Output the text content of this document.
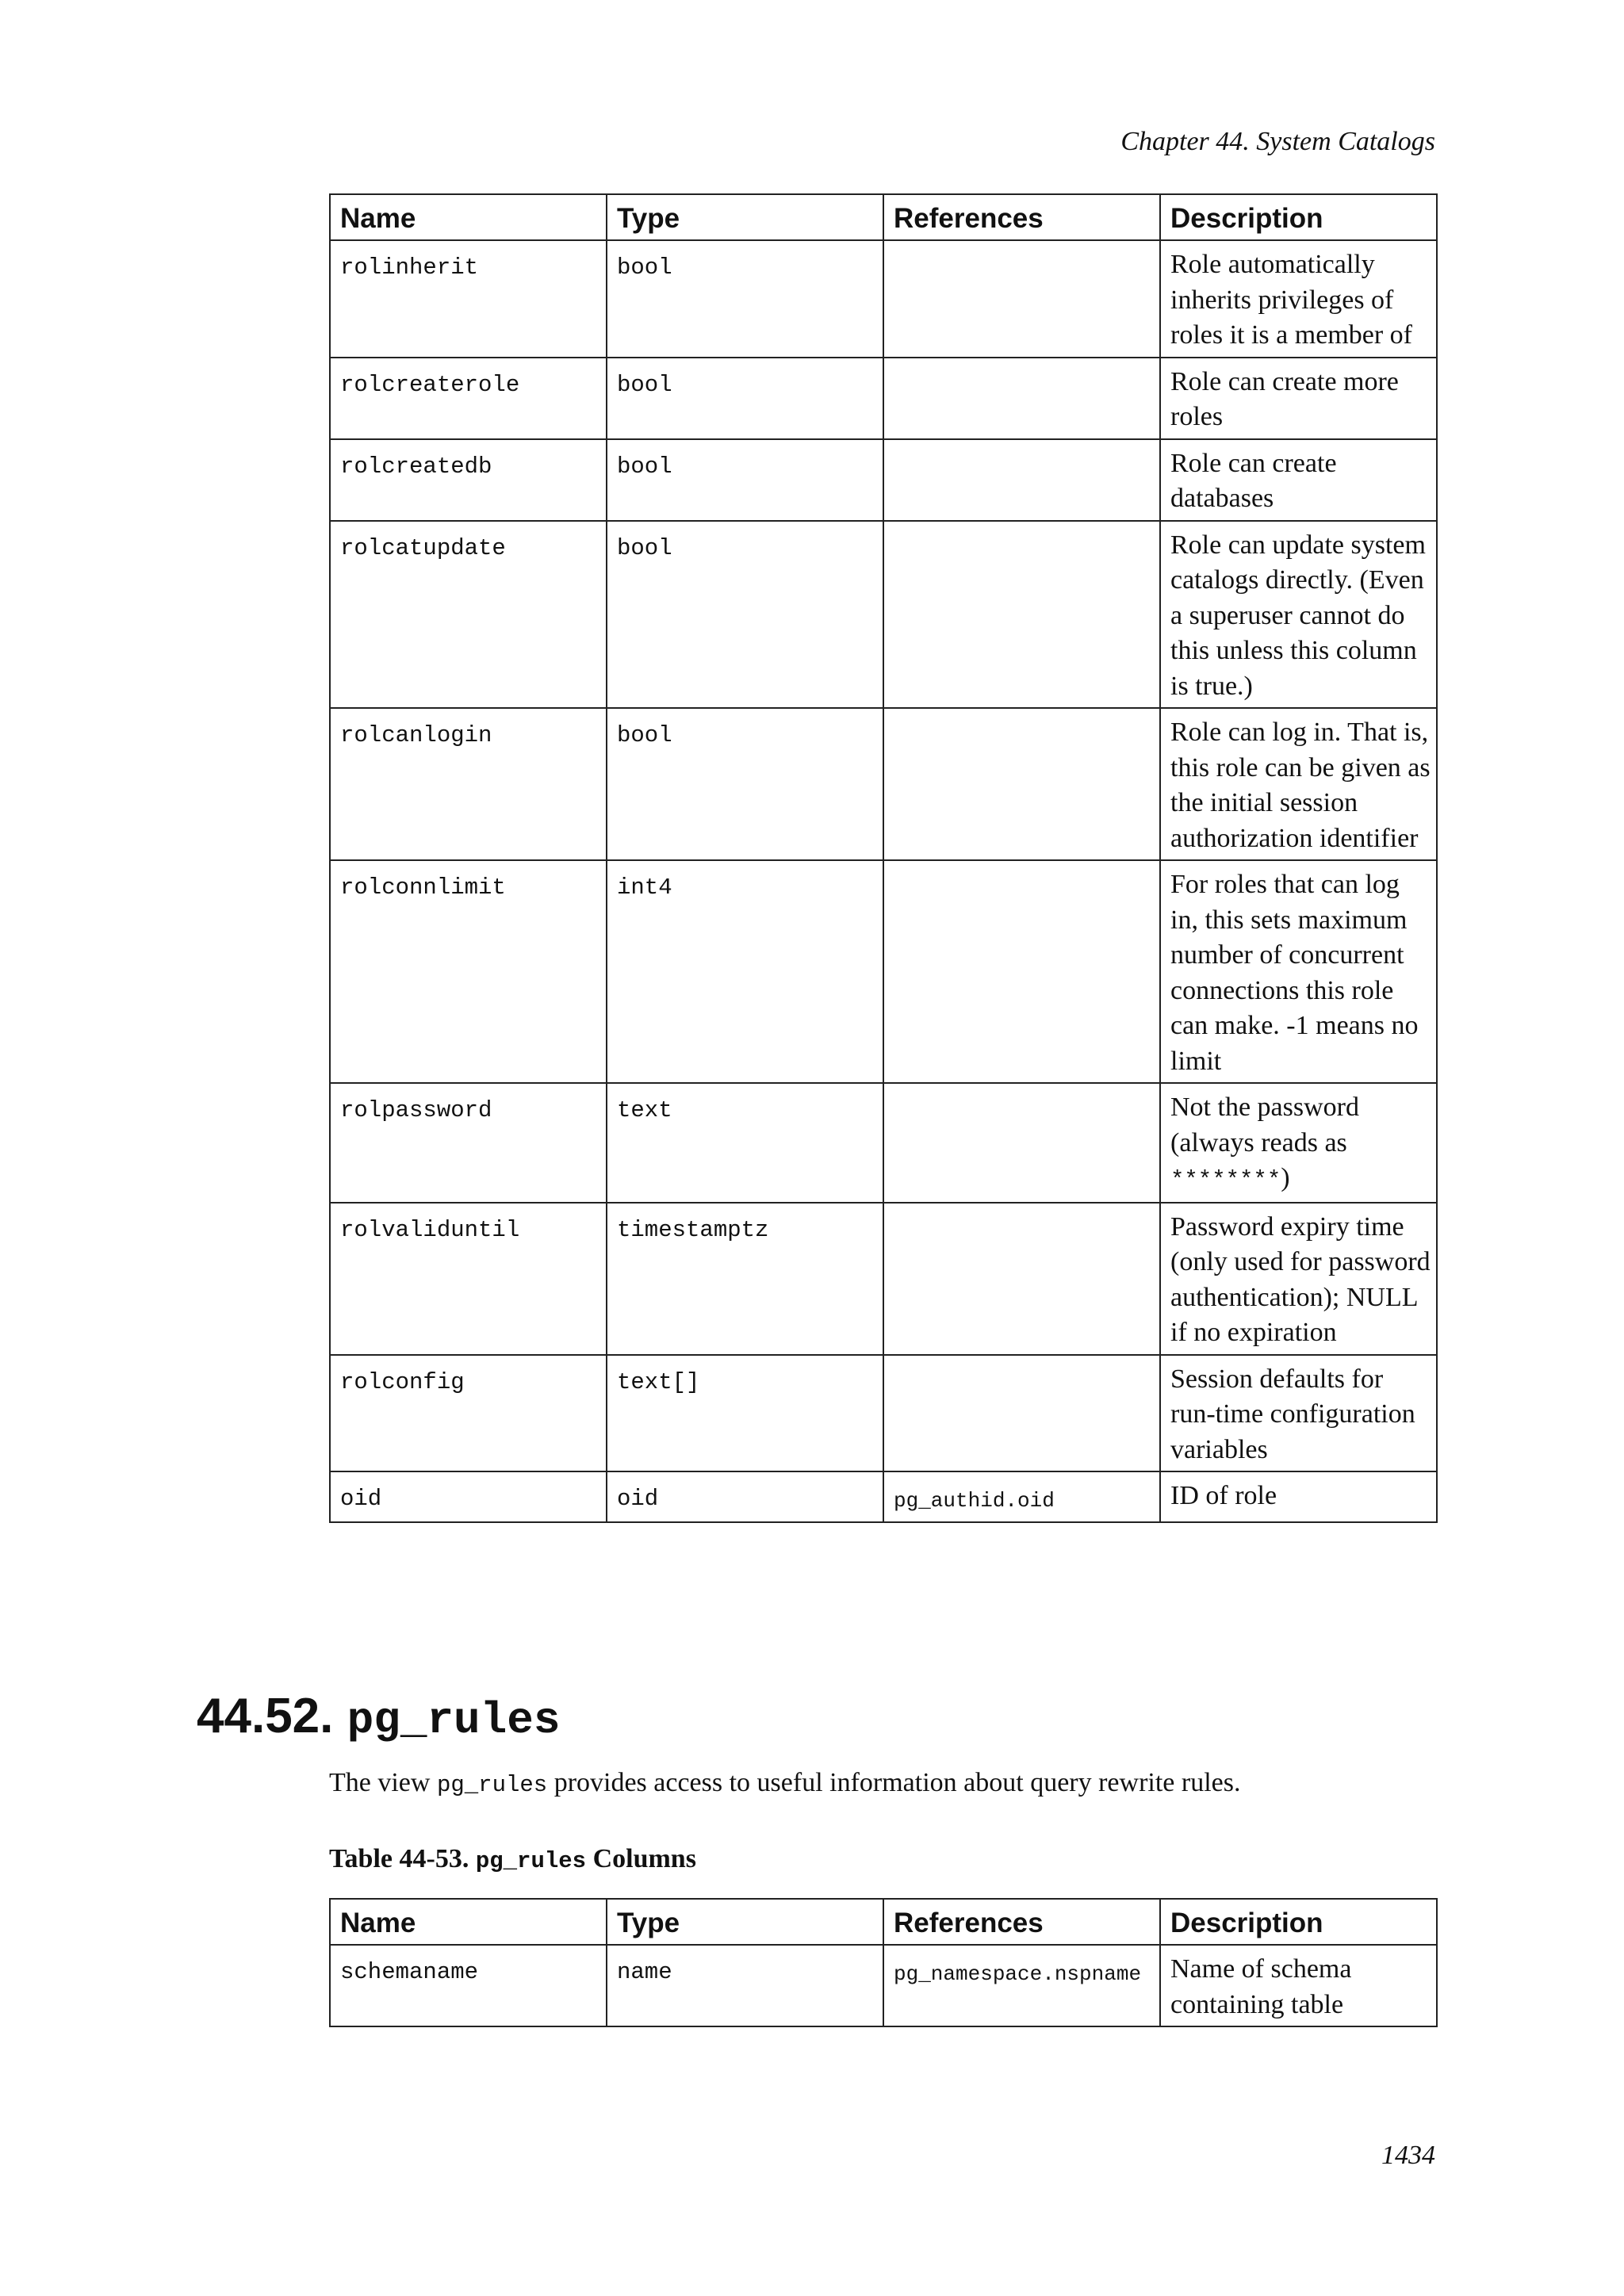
Chapter 44. System Catalogs
Name	Type	References	Description
rolinherit	bool		Role automatically inherits privileges of roles it is a member of
rolcreaterole	bool		Role can create more roles
rolcreatedb	bool		Role can create databases
rolcatupdate	bool		Role can update system catalogs directly. (Even a superuser cannot do this unless this column is true.)
rolcanlogin	bool		Role can log in. That is, this role can be given as the initial session authorization identifier
rolconnlimit	int4		For roles that can log in, this sets maximum number of concurrent connections this role can make. -1 means no limit
rolpassword	text		Not the password (always reads as ********)
rolvaliduntil	timestamptz		Password expiry time (only used for password authentication); NULL if no expiration
rolconfig	text[]		Session defaults for run-time configuration variables
oid	oid	pg_authid.oid	ID of role
44.52. pg_rules

The view pg_rules provides access to useful information about query rewrite rules.

Table 44-53. pg_rules Columns

Name	Type	References	Description
schemaname	name	pg_namespace.nspname	Name of schema containing table
1434
